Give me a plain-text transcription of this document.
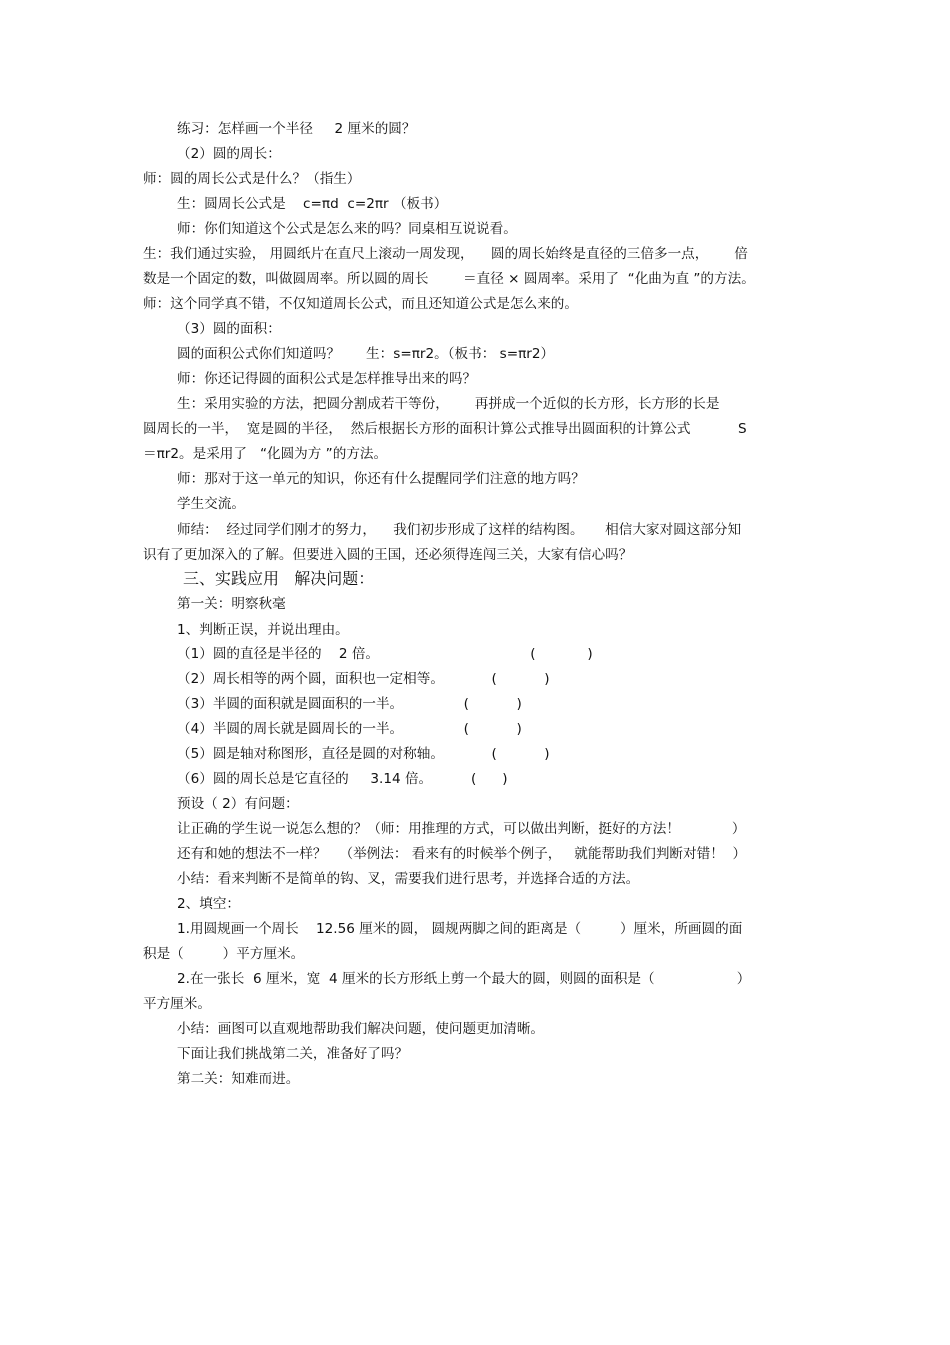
练习：怎样画一个半径     2 厘米的圆？
（2）圆的周长：
师：圆的周长公式是什么？（指生）
生：圆周长公式是    c=πd  c=2πr （板书）
师：你们知道这个公式是怎么来的吗？同桌相互说说看。
生：我们通过实验， 用圆纸片在直尺上滚动一周发现，    圆的周长始终是直径的三倍多一点，      倍
数是一个固定的数，叫做圆周率。所以圆的周长        ＝直径 × 圆周率。采用了  “化曲为直 ”的方法。
师：这个同学真不错，不仅知道周长公式，而且还知道公式是怎么来的。
（3）圆的面积：
圆的面积公式你们知道吗？      生：s=πr2。（板书： s=πr2）
师：你还记得圆的面积公式是怎样推导出来的吗？
生：采用实验的方法，把圆分割成若干等份，      再拼成一个近似的长方形，长方形的长是
圆周长的一半，  宽是圆的半径，  然后根据长方形的面积计算公式推导出圆面积的计算公式           S
＝πr2。是采用了   “化圆为方 ”的方法。
师：那对于这一单元的知识，你还有什么提醒同学们注意的地方吗？
学生交流。
师结：  经过同学们刚才的努力，    我们初步形成了这样的结构图。     相信大家对圆这部分知
识有了更加深入的了解。但要进入圆的王国，还必须得连闯三关，大家有信心吗？
三、实践应用   解决问题：
第一关：明察秋毫
1、判断正误，并说出理由。
（1）圆的直径是半径的    2 倍。                                   (            )
（2）周长相等的两个圆，面积也一定相等。           (           )
（3）半圆的面积就是圆面积的一半。              (           )
（4）半圆的周长就是圆周长的一半。              (           )
（5）圆是轴对称图形，直径是圆的对称轴。           (           )
（6）圆的周长总是它直径的     3.14 倍。         (      )
预设（ 2）有问题：
让正确的学生说一说怎么想的？（师：用推理的方式，可以做出判断，挺好的方法！            ）
还有和她的想法不一样？   （举例法： 看来有的时候举个例子，   就能帮助我们判断对错！  ）
小结：看来判断不是简单的钩、叉，需要我们进行思考，并选择合适的方法。
2、填空：
1.用圆规画一个周长    12.56 厘米的圆， 圆规两脚之间的距离是（         ）厘米，所画圆的面
积是（         ）平方厘米。
2.在一张长  6 厘米，宽  4 厘米的长方形纸上剪一个最大的圆，则圆的面积是（                   ）
平方厘米。
小结：画图可以直观地帮助我们解决问题，使问题更加清晰。
下面让我们挑战第二关，准备好了吗？
第二关：知难而进。
